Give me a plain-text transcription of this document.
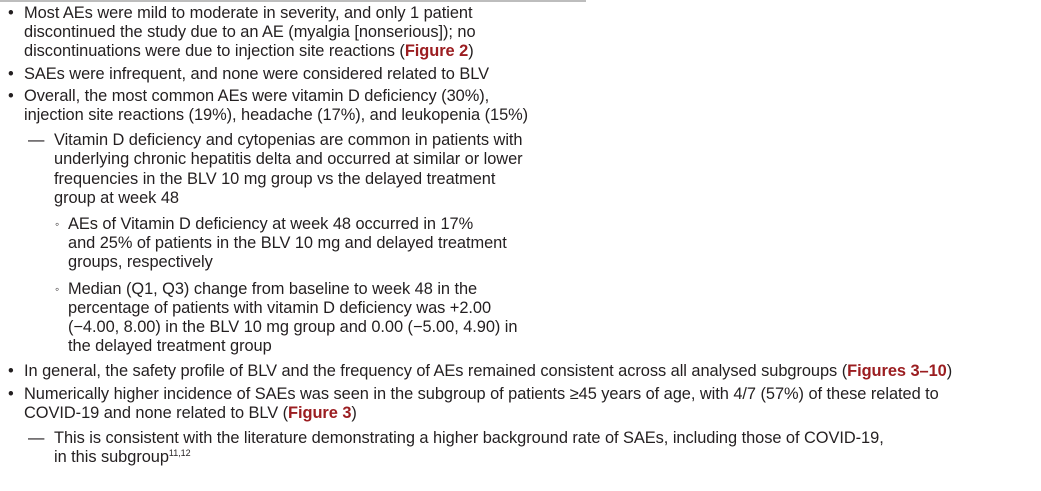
• Most AEs were mild to moderate in severity, and only 1 patient
discontinued the study due to an AE (myalgia [nonserious]); no
discontinuations were due to injection site reactions (Figure 2)
• SAEs were infrequent, and none were considered related to BLV
• Overall, the most common AEs were vitamin D deficiency (30%),
injection site reactions (19%), headache (17%), and leukopenia (15%)
— Vitamin D deficiency and cytopenias are common in patients with
underlying chronic hepatitis delta and occurred at similar or lower
frequencies in the BLV 10 mg group vs the delayed treatment
group at week 48
◦ AEs of Vitamin D deficiency at week 48 occurred in 17%
and 25% of patients in the BLV 10 mg and delayed treatment
groups, respectively
◦ Median (Q1, Q3) change from baseline to week 48 in the
percentage of patients with vitamin D deficiency was +2.00
(−4.00, 8.00) in the BLV 10 mg group and 0.00 (−5.00, 4.90) in
the delayed treatment group
• In general, the safety profile of BLV and the frequency of AEs remained consistent across all analysed subgroups (Figures 3–10)
• Numerically higher incidence of SAEs was seen in the subgroup of patients ≥45 years of age, with 4/7 (57%) of these related to
COVID-19 and none related to BLV (Figure 3)
— This is consistent with the literature demonstrating a higher background rate of SAEs, including those of COVID-19,
in this subgroup$^{11,12}$
